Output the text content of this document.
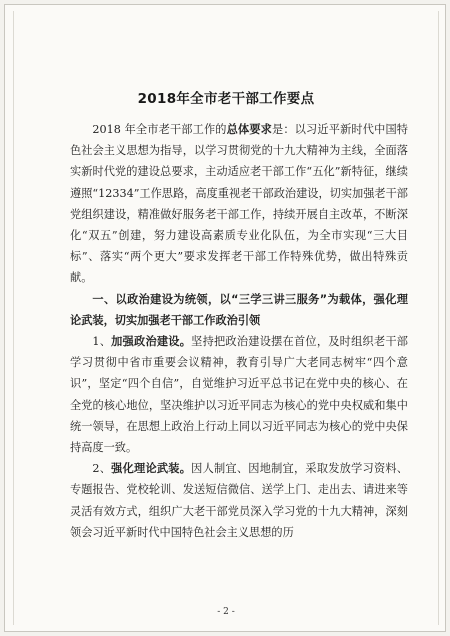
2018年全市老干部工作要点

2018 年全市老干部工作的总体要求是：以习近平新时代中国特色社会主义思想为指导，以学习贯彻党的十九大精神为主线，全面落实新时代党的建设总要求，主动适应老干部工作“五化”新特征，继续遵照“12334”工作思路，高度重视老干部政治建设，切实加强老干部党组织建设，精准做好服务老干部工作，持续开展自主改革，不断深化“双五”创建，努力建设高素质专业化队伍，为全市实现“三大目标”、落实“两个更大”要求发挥老干部工作特殊优势，做出特殊贡献。

一、以政治建设为统领，以“三学三讲三服务”为载体，强化理论武装，切实加强老干部工作政治引领

1、加强政治建设。坚持把政治建设摆在首位，及时组织老干部学习贯彻中省市重要会议精神，教育引导广大老同志树牢“四个意识”，坚定“四个自信”，自觉维护习近平总书记在党中央的核心、在全党的核心地位，坚决维护以习近平同志为核心的党中央权威和集中统一领导，在思想上政治上行动上同以习近平同志为核心的党中央保持高度一致。

2、强化理论武装。因人制宜、因地制宜，采取发放学习资料、专题报告、党校轮训、发送短信微信、送学上门、走出去、请进来等灵活有效方式，组织广大老干部党员深入学习党的十九大精神，深刻领会习近平新时代中国特色社会主义思想的历

- 2 -
